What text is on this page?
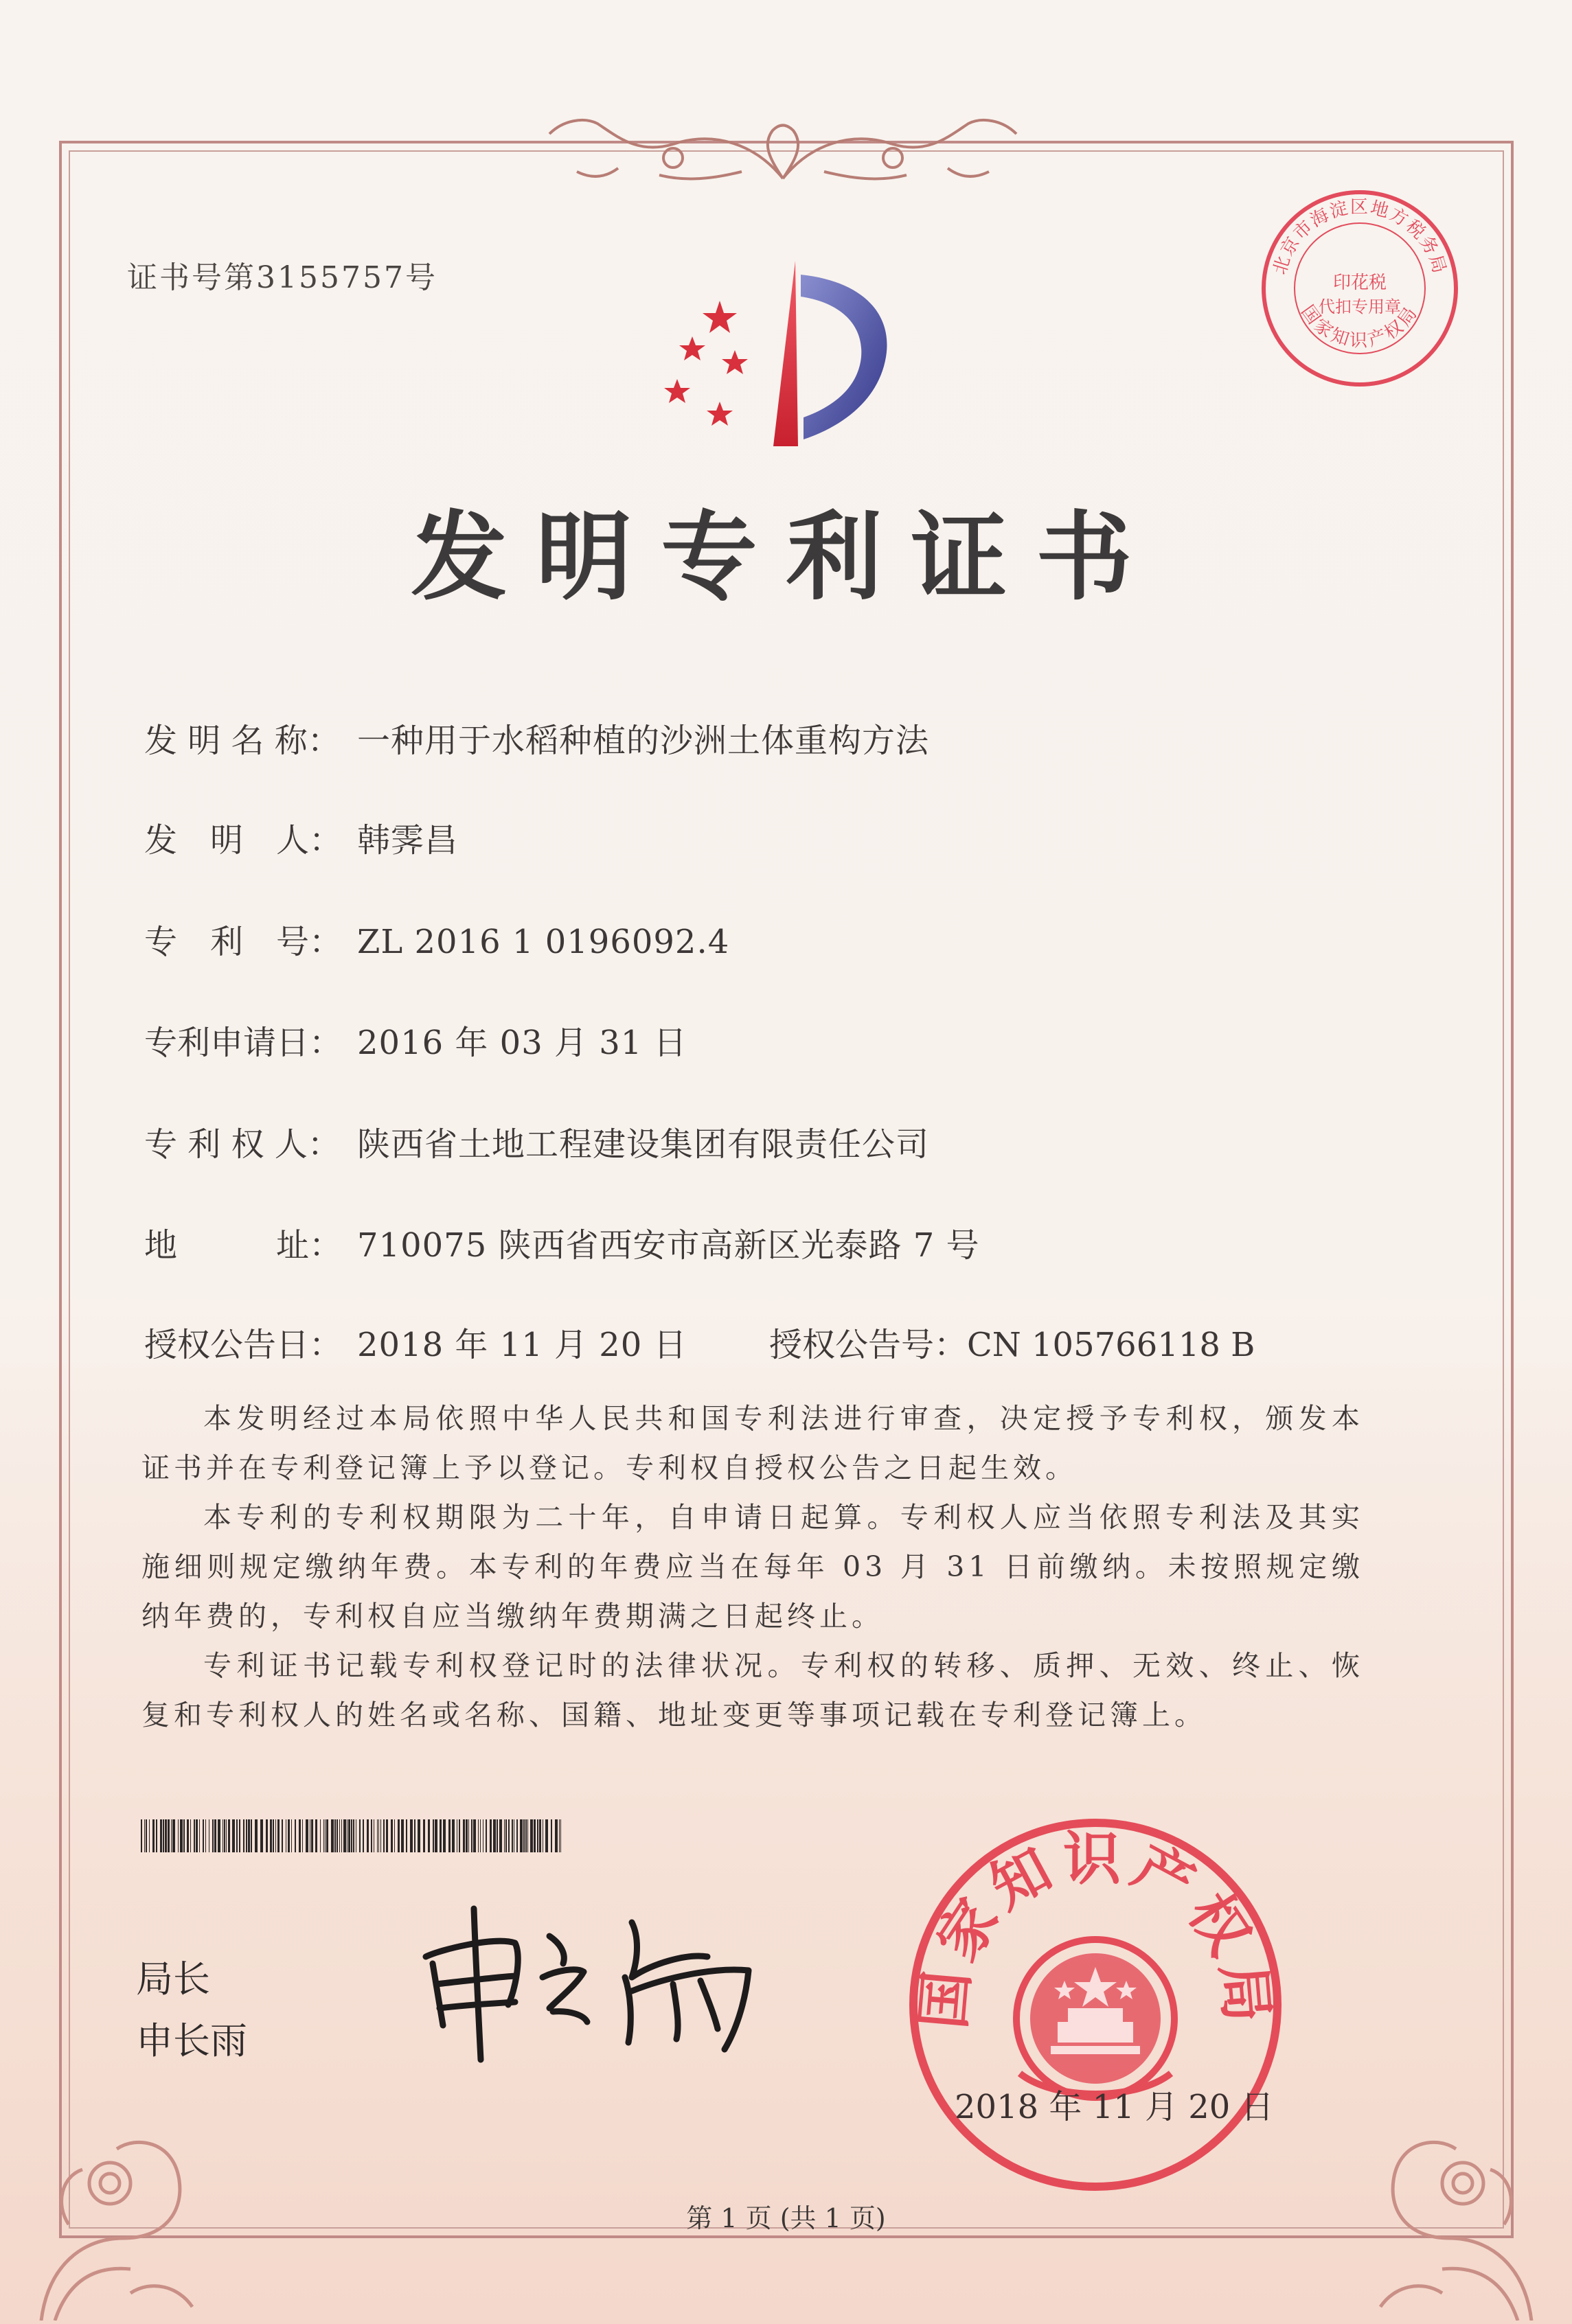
证书号第3155757号	北京市海淀区地方税务局
印花税
代扣专用章
国家知识产权局
发明专利证书
发 明 名 称： 一种用于水稻种植的沙洲土体重构方法
发　明　人： 韩霁昌
专　利　号： ZL 2016 1 0196092.4
专利申请日： 2016 年 03 月 31 日
专 利 权 人： 陕西省土地工程建设集团有限责任公司
地　　　址： 710075 陕西省西安市高新区光泰路 7 号
授权公告日： 2018 年 11 月 20 日 授权公告号：CN 105766118 B

本发明经过本局依照中华人民共和国专利法进行审查，决定授予专利权，颁发本证书并在专利登记簿上予以登记。专利权自授权公告之日起生效。

本专利的专利权期限为二十年，自申请日起算。专利权人应当依照专利法及其实施细则规定缴纳年费。本专利的年费应当在每年 03 月 31 日前缴纳。未按照规定缴纳年费的，专利权自应当缴纳年费期满之日起终止。

专利证书记载专利权登记时的法律状况。专利权的转移、质押、无效、终止、恢复和专利权人的姓名或名称、国籍、地址变更等事项记载在专利登记簿上。

局长
申长雨
国家知识产权局
2018 年 11 月 20 日
第 1 页 (共 1 页)
